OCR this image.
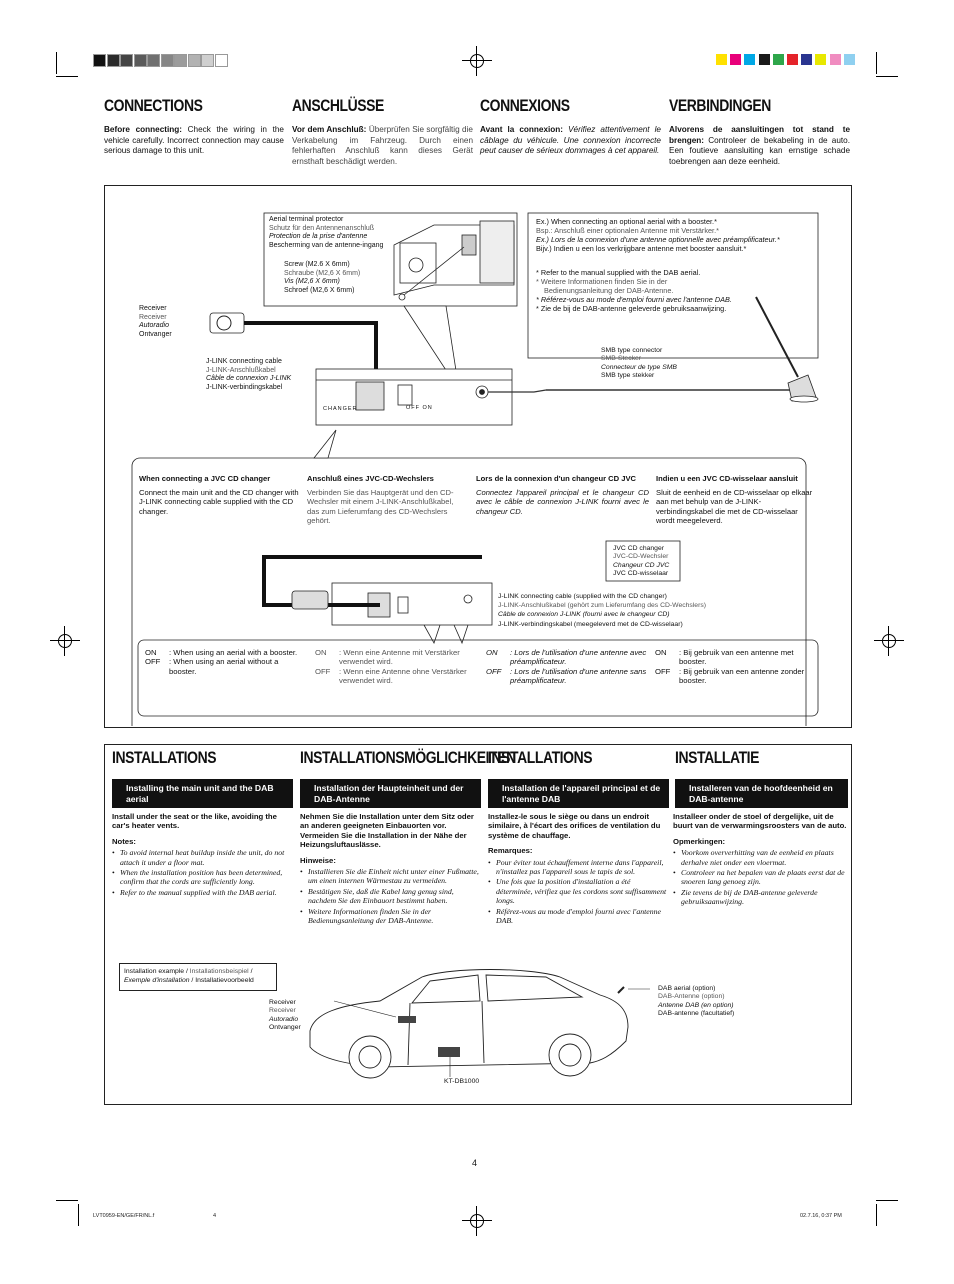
CONNECTIONS	ANSCHLÜSSE	CONNEXIONS	VERBINDINGEN
Before connecting: Check the wiring in the vehicle carefully. Incorrect connection may cause serious damage to this unit.
Vor dem Anschluß: Überprüfen Sie sorgfältig die Verkabelung im Fahrzeug. Durch einen fehlerhaften Anschluß kann dieses Gerät ernsthaft beschädigt werden.
Avant la connexion: Vérifiez attentivement le câblage du véhicule. Une connexion incorrecte peut causer de sérieux dommages à cet appareil.
Alvorens de aansluitingen tot stand te brengen: Controleer de bekabeling in de auto. Een foutieve aansluiting kan ernstige schade toebrengen aan deze eenheid.
Aerial terminal protector
Schutz für den Antennenanschluß
Protection de la prise d'antenne
Bescherming van de antenne-ingang
Screw (M2.6 X 6mm)
Schraube (M2,6 X 6mm)
Vis (M2,6 X 6mm)
Schroef (M2,6 X 6mm)
Receiver
Receiver
Autoradio
Ontvanger
J-LINK connecting cable
J-LINK-Anschlußkabel
Câble de connexion J-LINK
J-LINK-verbindingskabel
CHANGER	OFF ON
Ex.) When connecting an optional aerial with a booster.*
Bsp.: Anschluß einer optionalen Antenne mit Verstärker.*
Ex.) Lors de la connexion d'une antenne optionnelle avec préamplificateur.*
Bijv.) Indien u een los verkrijgbare antenne met booster aansluit.*
* Refer to the manual supplied with the DAB aerial.
* Weitere Informationen finden Sie in der Bedienungsanleitung der DAB-Antenne.
* Référez-vous au mode d'emploi fourni avec l'antenne DAB.
* Zie de bij de DAB-antenne geleverde gebruiksaanwijzing.
SMB type connector
SMB-Stecker
Connecteur de type SMB
SMB type stekker
When connecting a JVC CD changer
Connect the main unit and the CD changer with J-LINK connecting cable supplied with the CD changer.
Anschluß eines JVC-CD-Wechslers
Verbinden Sie das Hauptgerät und den CD-Wechsler mit einem J-LINK-Anschlußkabel, das zum Lieferumfang des CD-Wechslers gehört.
Lors de la connexion d'un changeur CD JVC
Connectez l'appareil principal et le changeur CD avec le câble de connexion J-LINK fourni avec le changeur CD.
Indien u een JVC CD-wisselaar aansluit
Sluit de eenheid en de CD-wisselaar op elkaar aan met behulp van de J-LINK-verbindingskabel die met de CD-wisselaar wordt meegeleverd.
JVC CD changer
JVC-CD-Wechsler
Changeur CD JVC
JVC CD-wisselaar
J-LINK connecting cable (supplied with the CD changer)
J-LINK-Anschlußkabel (gehört zum Lieferumfang des CD-Wechslers)
Câble de connexion J-LINK (fourni avec le changeur CD)
J-LINK-verbindingskabel (meegeleverd met de CD-wisselaar)
ON	: When using an aerial with a booster.
OFF	: When using an aerial without a booster.
ON	: Wenn eine Antenne mit Verstärker verwendet wird.
OFF	: Wenn eine Antenne ohne Verstärker verwendet wird.
ON	: Lors de l'utilisation d'une antenne avec préamplificateur.
OFF	: Lors de l'utilisation d'une antenne sans préamplificateur.
ON	: Bij gebruik van een antenne met booster.
OFF	: Bij gebruik van een antenne zonder booster.
INSTALLATIONS	INSTALLATIONSMÖGLICHKEITEN
INSTALLATIONS	INSTALLATIE
Installing the main unit and the DAB aerial
Installation der Haupteinheit und der DAB-Antenne
Installation de l'appareil principal et de l'antenne DAB
Installeren van de hoofdeenheid en DAB-antenne
Install under the seat or the like, avoiding the car's heater vents.
Notes:
• To avoid internal heat buildup inside the unit, do not attach it under a floor mat.
• When the installation position has been determined, confirm that the cords are sufficiently long.
• Refer to the manual supplied with the DAB aerial.
Nehmen Sie die Installation unter dem Sitz oder an anderen geeigneten Einbauorten vor. Vermeiden Sie die Installation in der Nähe der Heizungsluftauslässe.
Hinweise:
• Installieren Sie die Einheit nicht unter einer Fußmatte, um einen internen Wärmestau zu vermeiden.
• Bestätigen Sie, daß die Kabel lang genug sind, nachdem Sie den Einbauort bestimmt haben.
• Weitere Informationen finden Sie in der Bedienungsanleitung der DAB-Antenne.
Installez-le sous le siège ou dans un endroit similaire, à l'écart des orifices de ventilation du système de chauffage.
Remarques:
• Pour éviter tout échauffement interne dans l'appareil, n'installez pas l'appareil sous le tapis de sol.
• Une fois que la position d'installation a été déterminée, vérifiez que les cordons sont suffisamment longs.
• Référez-vous au mode d'emploi fourni avec l'antenne DAB.
Installeer onder de stoel of dergelijke, uit de buurt van de verwarmingsroosters van de auto.
Opmerkingen:
• Voorkom oververhitting van de eenheid en plaats derhalve niet onder een vloermat.
• Controleer na het bepalen van de plaats eerst dat de snoeren lang genoeg zijn.
• Zie tevens de bij de DAB-antenne geleverde gebruiksaanwijzing.
Installation example / Installationsbeispiel /
Exemple d'installation / Installatievoorbeeld
Receiver
Receiver
Autoradio
Ontvanger
DAB aerial (option)
DAB-Antenne (option)
Antenne DAB (en option)
DAB-antenne (facultatief)
KT-DB1000
4
LVT0959-EN/GE/FR/NL.f	4	02.7.16, 0:37 PM
